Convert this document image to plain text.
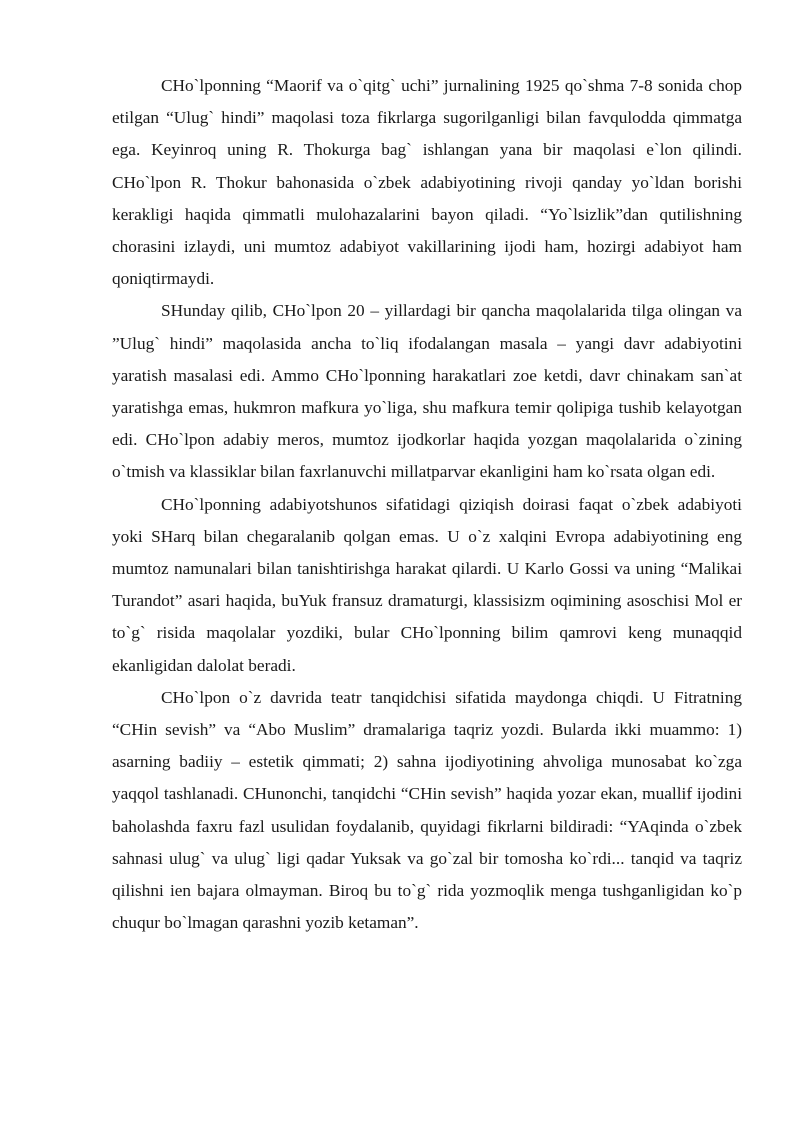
CHo`lponning “Maorif va o`qitg` uchi” jurnalining 1925 qo`shma 7-8 sonida chop etilgan “Ulug` hindi” maqolasi toza fikrlarga sugorilganligi bilan favqulodda qimmatga ega. Keyinroq uning R. Thokurga bag` ishlangan yana bir maqolasi e`lon qilindi. CHo`lpon R. Thokur bahonasida o`zbek adabiyotining rivoji qanday yo`ldan borishi kerakligi haqida qimmatli mulohazalarini bayon qiladi. “Yo`lsizlik”dan qutilishning chorasini izlaydi, uni mumtoz adabiyot vakillarining ijodi ham, hozirgi adabiyot ham qoniqtirmaydi.

SHunday qilib, CHo`lpon 20 – yillardagi bir qancha maqolalarida tilga olingan va ”Ulug` hindi” maqolasida ancha to`liq ifodalangan masala – yangi davr adabiyotini yaratish masalasi edi. Ammo CHo`lponning harakatlari zoe ketdi, davr chinakam san`at yaratishga emas, hukmron mafkura yo`liga, shu mafkura temir qolipiga tushib kelayotgan edi. CHo`lpon adabiy meros, mumtoz ijodkorlar haqida yozgan maqolalarida o`zining o`tmish va klassiklar bilan faxrlanuvchi millatparvar ekanligini ham ko`rsata olgan edi.

CHo`lponning adabiyotshunos sifatidagi qiziqish doirasi faqat o`zbek adabiyoti yoki SHarq bilan chegaralanib qolgan emas. U o`z xalqini Evropa adabiyotining eng mumtoz namunalari bilan tanishtirishga harakat qilardi. U Karlo Gossi va uning “Malikai Turandot” asari haqida, buYuk fransuz dramaturgi, klassisizm oqimining asoschisi Mol er to`g` risida maqolalar yozdiki, bular CHo`lponning bilim qamrovi keng munaqqid ekanligidan dalolat beradi.

CHo`lpon o`z davrida teatr tanqidchisi sifatida maydonga chiqdi. U Fitratning “CHin sevish” va “Abo Muslim” dramalariga taqriz yozdi. Bularda ikki muammo: 1) asarning badiiy – estetik qimmati; 2) sahna ijodiyotining ahvoliga munosabat ko`zga yaqqol tashlanadi. CHunonchi, tanqidchi “CHin sevish” haqida yozar ekan, muallif ijodini baholashda faxru fazl usulidan foydalanib, quyidagi fikrlarni bildiradi: “YAqinda o`zbek sahnasi ulug` va ulug` ligi qadar Yuksak va go`zal bir tomosha ko`rdi... tanqid va taqriz qilishni ien bajara olmayman. Biroq bu to`g` rida yozmoqlik menga tushganligidan ko`p chuqur bo`lmagan qarashni yozib ketaman”.
